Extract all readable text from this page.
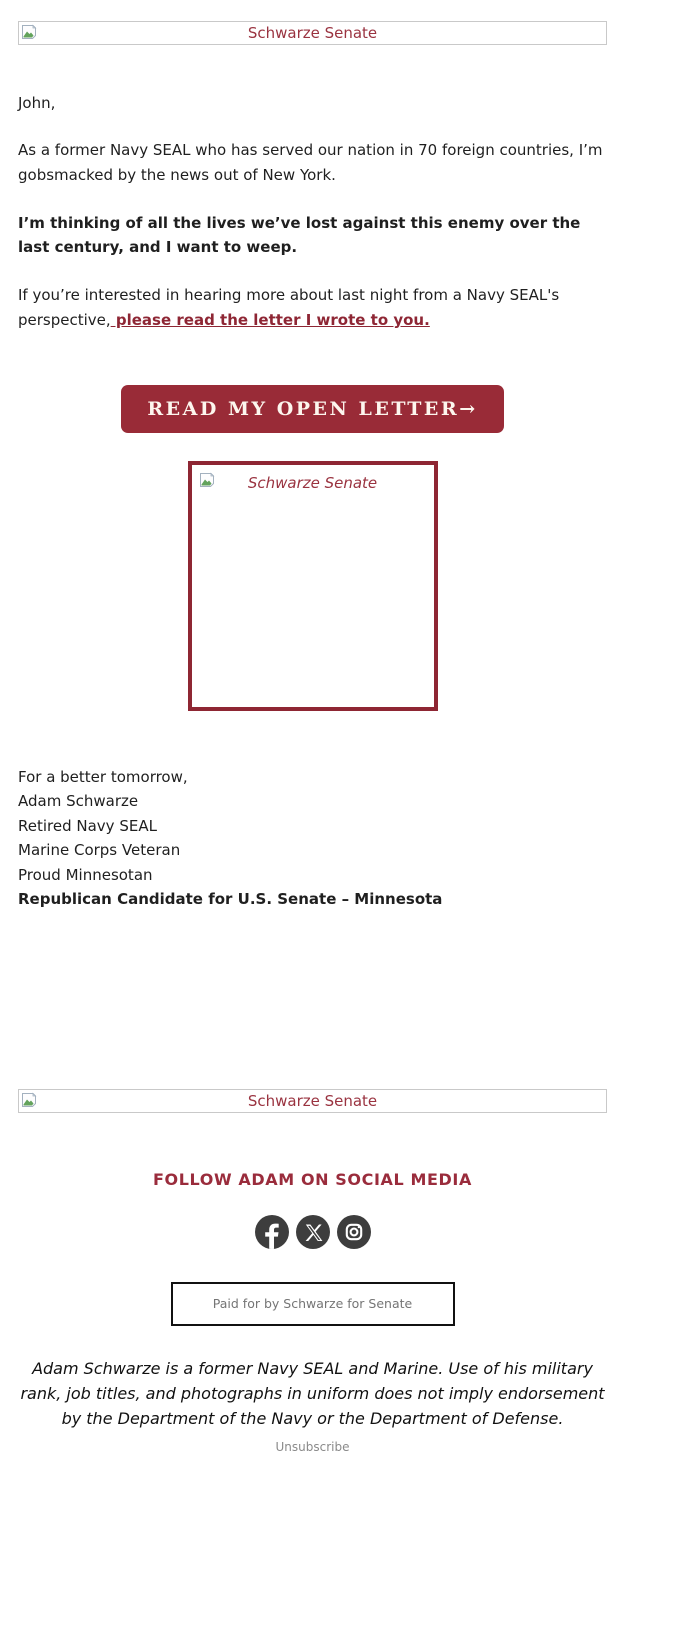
Schwarze Senate

John,

As a former Navy SEAL who has served our nation in 70 foreign countries, I’m gobsmacked by the news out of New York.

I’m thinking of all the lives we’ve lost against this enemy over the last century, and I want to weep.

If you’re interested in hearing more about last night from a Navy SEAL's perspective, please read the letter I wrote to you.

READ MY OPEN LETTER→
Schwarze Senate
For a better tomorrow,
Adam Schwarze
Retired Navy SEAL
Marine Corps Veteran
Proud Minnesotan
Republican Candidate for U.S. Senate – Minnesota
Schwarze Senate
FOLLOW ADAM ON SOCIAL MEDIA
Paid for by Schwarze for Senate

Adam Schwarze is a former Navy SEAL and Marine. Use of his military rank, job titles, and photographs in uniform does not imply endorsement by the Department of the Navy or the Department of Defense.

Unsubscribe
